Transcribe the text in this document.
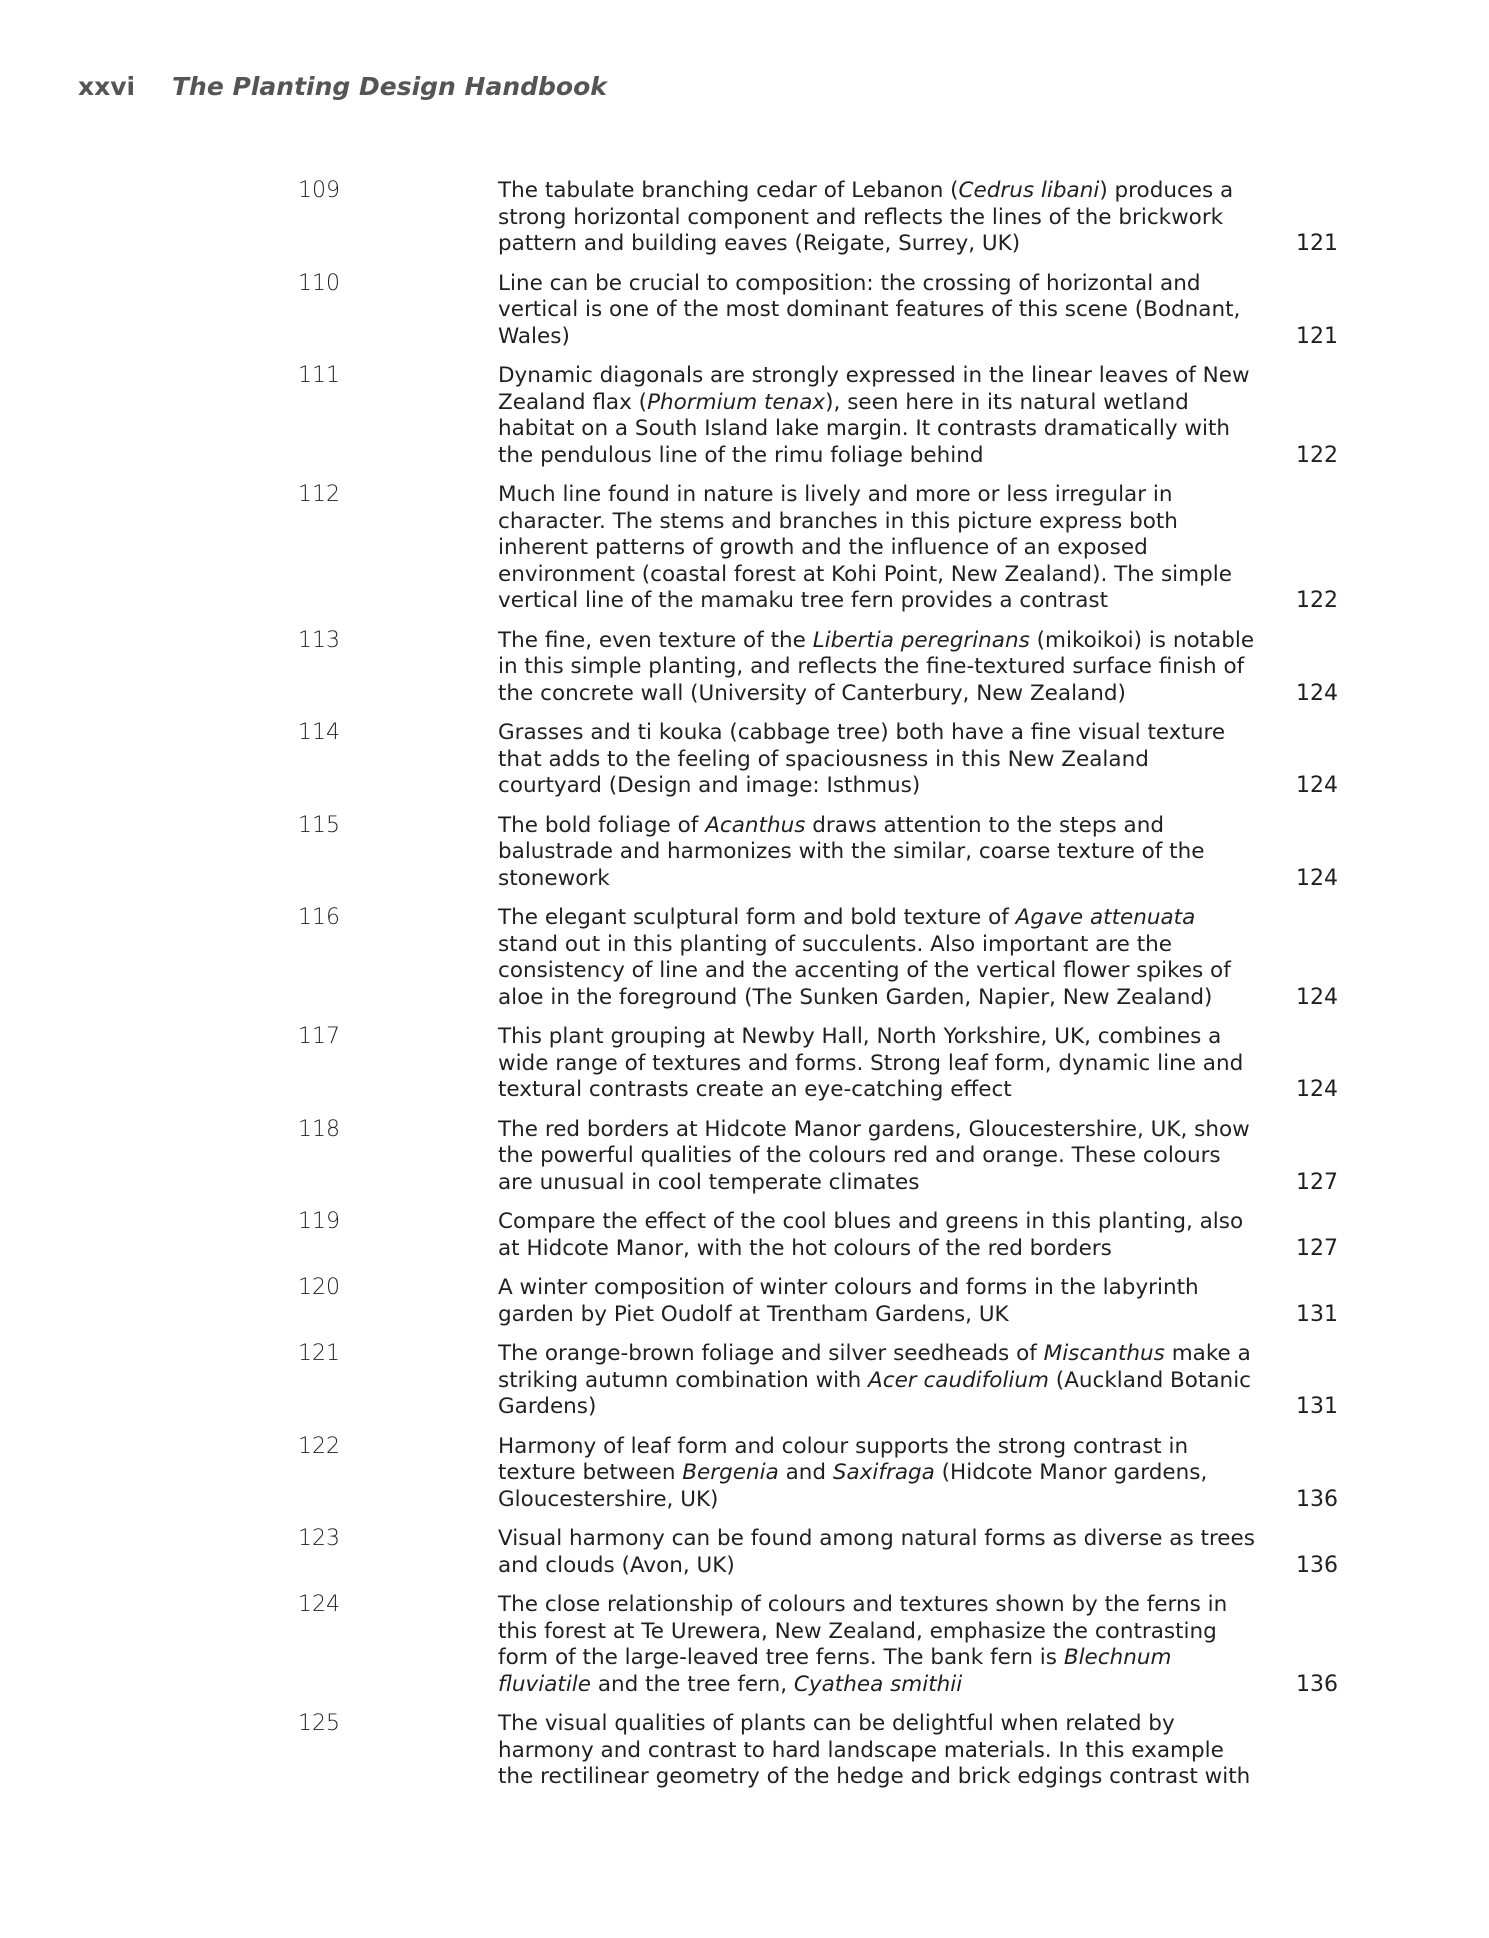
xxvi The Planting Design Handbook
109	The tabulate branching cedar of Lebanon (Cedrus libani) produces a strong horizontal component and reflects the lines of the brickwork pattern and building eaves (Reigate, Surrey, UK)	121
110	Line can be crucial to composition: the crossing of horizontal and vertical is one of the most dominant features of this scene (Bodnant, Wales)	121
111	Dynamic diagonals are strongly expressed in the linear leaves of New Zealand flax (Phormium tenax), seen here in its natural wetland habitat on a South Island lake margin. It contrasts dramatically with the pendulous line of the rimu foliage behind	122
112	Much line found in nature is lively and more or less irregular in character. The stems and branches in this picture express both inherent patterns of growth and the influence of an exposed environment (coastal forest at Kohi Point, New Zealand). The simple vertical line of the mamaku tree fern provides a contrast	122
113	The fine, even texture of the Libertia peregrinans (mikoikoi) is notable in this simple planting, and reflects the fine-textured surface finish of the concrete wall (University of Canterbury, New Zealand)	124
114	Grasses and ti kouka (cabbage tree) both have a fine visual texture that adds to the feeling of spaciousness in this New Zealand courtyard (Design and image: Isthmus)	124
115	The bold foliage of Acanthus draws attention to the steps and balustrade and harmonizes with the similar, coarse texture of the stonework	124
116	The elegant sculptural form and bold texture of Agave attenuata stand out in this planting of succulents. Also important are the consistency of line and the accenting of the vertical flower spikes of aloe in the foreground (The Sunken Garden, Napier, New Zealand)	124
117	This plant grouping at Newby Hall, North Yorkshire, UK, combines a wide range of textures and forms. Strong leaf form, dynamic line and textural contrasts create an eye-catching effect	124
118	The red borders at Hidcote Manor gardens, Gloucestershire, UK, show the powerful qualities of the colours red and orange. These colours are unusual in cool temperate climates	127
119	Compare the effect of the cool blues and greens in this planting, also at Hidcote Manor, with the hot colours of the red borders	127
120	A winter composition of winter colours and forms in the labyrinth garden by Piet Oudolf at Trentham Gardens, UK	131
121	The orange-brown foliage and silver seedheads of Miscanthus make a striking autumn combination with Acer caudifolium (Auckland Botanic Gardens)	131
122	Harmony of leaf form and colour supports the strong contrast in texture between Bergenia and Saxifraga (Hidcote Manor gardens, Gloucestershire, UK)	136
123	Visual harmony can be found among natural forms as diverse as trees and clouds (Avon, UK)	136
124	The close relationship of colours and textures shown by the ferns in this forest at Te Urewera, New Zealand, emphasize the contrasting form of the large-leaved tree ferns. The bank fern is Blechnum fluviatile and the tree fern, Cyathea smithii	136
125	The visual qualities of plants can be delightful when related by harmony and contrast to hard landscape materials. In this example the rectilinear geometry of the hedge and brick edgings contrast with
